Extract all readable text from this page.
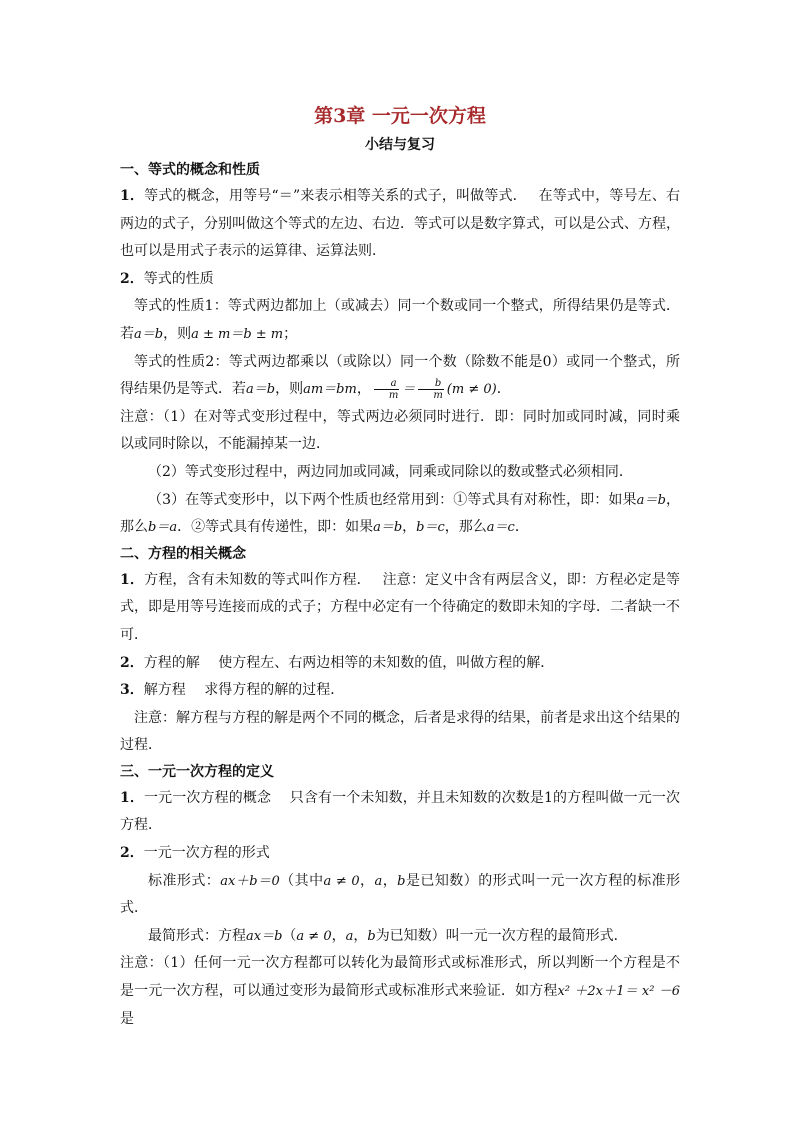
第3章 一元一次方程
小结与复习
一、等式的概念和性质

1．等式的概念，用等号“＝”来表示相等关系的式子，叫做等式．　 在等式中，等号左、右两边的式子，分别叫做这个等式的左边、右边．等式可以是数字算式，可以是公式、方程，也可以是用式子表示的运算律、运算法则．

2．等式的性质

等式的性质1：等式两边都加上（或减去）同一个数或同一个整式，所得结果仍是等式．若a＝b，则a ± m＝b ± m；

等式的性质2：等式两边都乘以（或除以）同一个数（除数不能是0）或同一个整式，所得结果仍是等式．若a＝b，则am＝bm， $\frac{a}{m} = \frac{b}{m} (m \ne 0)$．

注意：（1）在对等式变形过程中，等式两边必须同时进行．即：同时加或同时减，同时乘以或同时除以，不能漏掉某一边．

（2）等式变形过程中，两边同加或同减，同乘或同除以的数或整式必须相同．

（3）在等式变形中，以下两个性质也经常用到：①等式具有对称性，即：如果a＝b，那么b＝a．②等式具有传递性，即：如果a＝b，b＝c，那么a＝c．

二、方程的相关概念

1．方程，含有未知数的等式叫作方程．　 注意：定义中含有两层含义，即：方程必定是等式，即是用等号连接而成的式子；方程中必定有一个待确定的数即未知的字母．二者缺一不可．

2．方程的解　 使方程左、右两边相等的未知数的值，叫做方程的解．

3．解方程　 求得方程的解的过程．

注意：解方程与方程的解是两个不同的概念，后者是求得的结果，前者是求出这个结果的过程．

三、一元一次方程的定义

1．一元一次方程的概念　 只含有一个未知数，并且未知数的次数是1的方程叫做一元一次方程．

2．一元一次方程的形式

标准形式：ax＋b＝0（其中a ≠ 0，a，b是已知数）的形式叫一元一次方程的标准形式．

最简形式：方程ax＝b（a ≠ 0，a，b为已知数）叫一元一次方程的最简形式．

注意：（1）任何一元一次方程都可以转化为最简形式或标准形式，所以判断一个方程是不是一元一次方程，可以通过变形为最简形式或标准形式来验证．如方程x² ＋2x＋1＝ x² －6是
